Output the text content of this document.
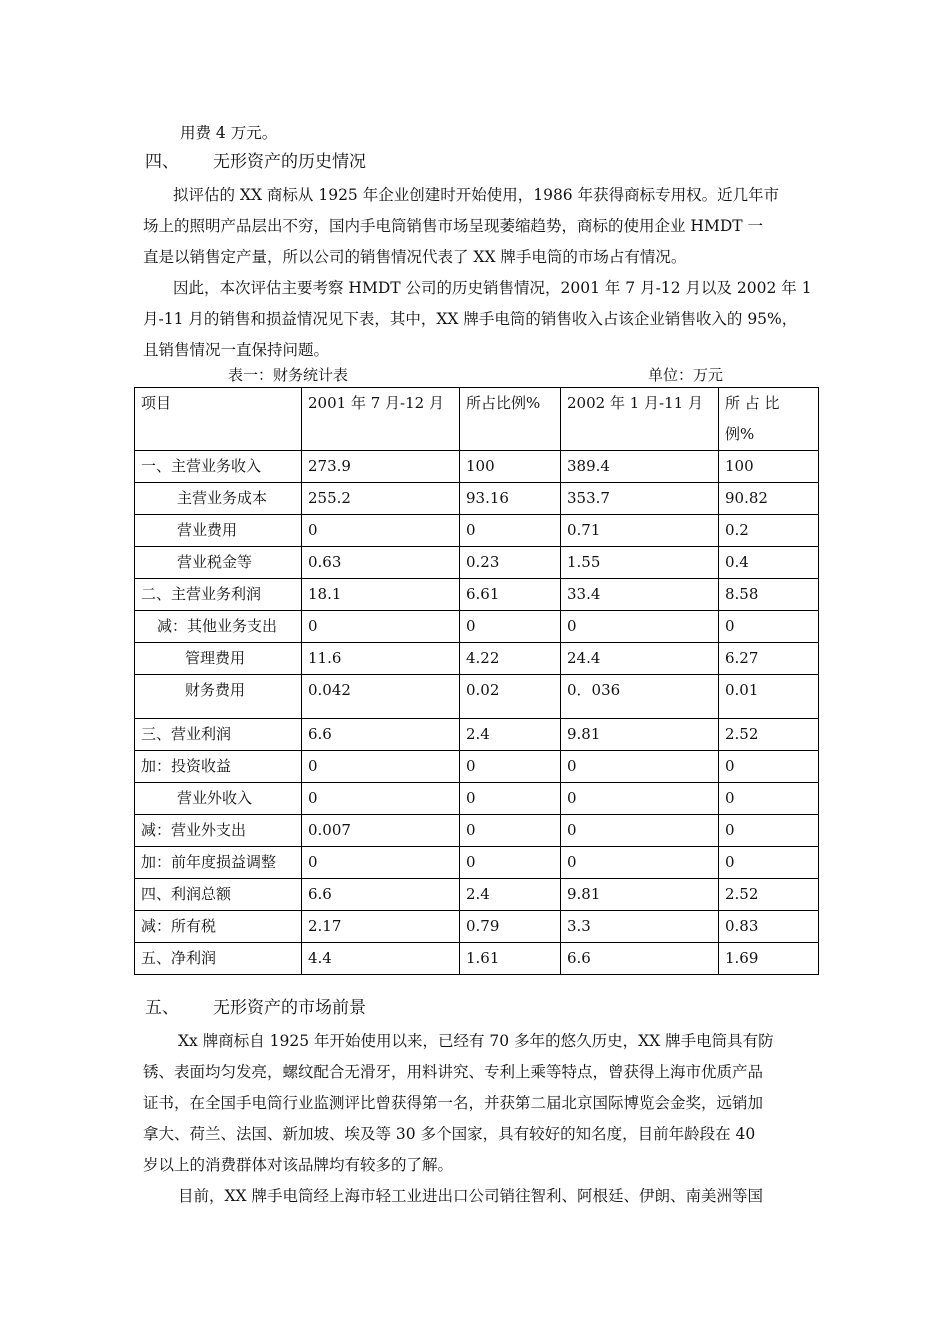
用费 4 万元。

四、 无形资产的历史情况

拟评估的 XX 商标从 1925 年企业创建时开始使用，1986 年获得商标专用权。近几年市

场上的照明产品层出不穷，国内手电筒销售市场呈现萎缩趋势，商标的使用企业 HMDT 一

直是以销售定产量，所以公司的销售情况代表了 XX 牌手电筒的市场占有情况。

因此，本次评估主要考察 HMDT 公司的历史销售情况，2001 年 7 月-12 月以及 2002 年 1

月-11 月的销售和损益情况见下表，其中，XX 牌手电筒的销售收入占该企业销售收入的 95%，

且销售情况一直保持问题。

表一：财务统计表	单位：万元
项目	2001 年 7 月-12 月	所占比例%	2002 年 1 月-11 月	所 占 比 例%
一、主营业务收入	273.9	100	389.4	100
主营业务成本	255.2	93.16	353.7	90.82
营业费用	0	0	0.71	0.2
营业税金等	0.63	0.23	1.55	0.4
二、主营业务利润	18.1	6.61	33.4	8.58
减：其他业务支出	0	0	0	0
管理费用	11.6	4.22	24.4	6.27
财务费用	0.042	0.02	0．036	0.01
三、营业利润	6.6	2.4	9.81	2.52
加：投资收益	0	0	0	0
营业外收入	0	0	0	0
减：营业外支出	0.007	0	0	0
加：前年度损益调整	0	0	0	0
四、利润总额	6.6	2.4	9.81	2.52
减：所有税	2.17	0.79	3.3	0.83
五、净利润	4.4	1.61	6.6	1.69
五、 无形资产的市场前景

Xx 牌商标自 1925 年开始使用以来，已经有 70 多年的悠久历史，XX 牌手电筒具有防

锈、表面均匀发亮，螺纹配合无滑牙，用料讲究、专利上乘等特点，曾获得上海市优质产品

证书，在全国手电筒行业监测评比曾获得第一名，并获第二届北京国际博览会金奖，远销加

拿大、荷兰、法国、新加坡、埃及等 30 多个国家，具有较好的知名度，目前年龄段在 40

岁以上的消费群体对该品牌均有较多的了解。

目前，XX 牌手电筒经上海市轻工业进出口公司销往智利、阿根廷、伊朗、南美洲等国
